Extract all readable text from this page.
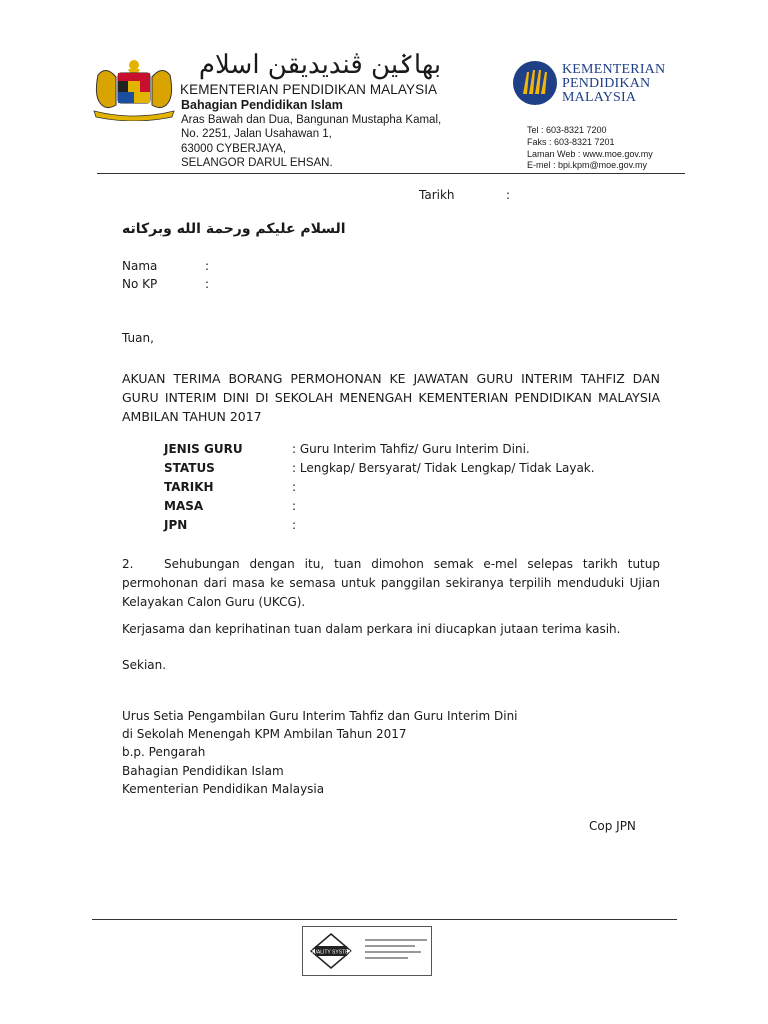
بهاݢين ڤنديديقن اسلام
KEMENTERIAN PENDIDIKAN MALAYSIA
Bahagian Pendidikan Islam
Aras Bawah dan Dua, Bangunan Mustapha Kamal,
No. 2251, Jalan Usahawan 1,
63000 CYBERJAYA,
SELANGOR DARUL EHSAN.
KEMENTERIAN
PENDIDIKAN
MALAYSIA
Tel : 603-8321 7200
Faks : 603-8321 7201
Laman Web : www.moe.gov.my
E-mel : bpi.kpm@moe.gov.my
Tarikh	:
السلام عليكم ورحمة الله وبركاته
Nama	:
No KP	:
Tuan,
AKUAN TERIMA BORANG PERMOHONAN KE JAWATAN GURU INTERIM TAHFIZ DAN GURU INTERIM DINI DI SEKOLAH MENENGAH KEMENTERIAN PENDIDIKAN MALAYSIA AMBILAN TAHUN 2017
JENIS GURU	: Guru Interim Tahfiz/ Guru Interim Dini.
STATUS	: Lengkap/ Bersyarat/ Tidak Lengkap/ Tidak Layak.
TARIKH	:
MASA	:
JPN	:
2.	Sehubungan dengan itu, tuan dimohon semak e-mel selepas tarikh tutup permohonan dari masa ke semasa untuk panggilan sekiranya terpilih menduduki Ujian Kelayakan Calon Guru (UKCG).
Kerjasama dan keprihatinan tuan dalam perkara ini diucapkan jutaan terima kasih.
Sekian.
Urus Setia Pengambilan Guru Interim Tahfiz dan Guru Interim Dini
di Sekolah Menengah KPM Ambilan Tahun 2017
b.p. Pengarah
Bahagian Pendidikan Islam
Kementerian Pendidikan Malaysia
Cop JPN
QUALITY SYSTEM
